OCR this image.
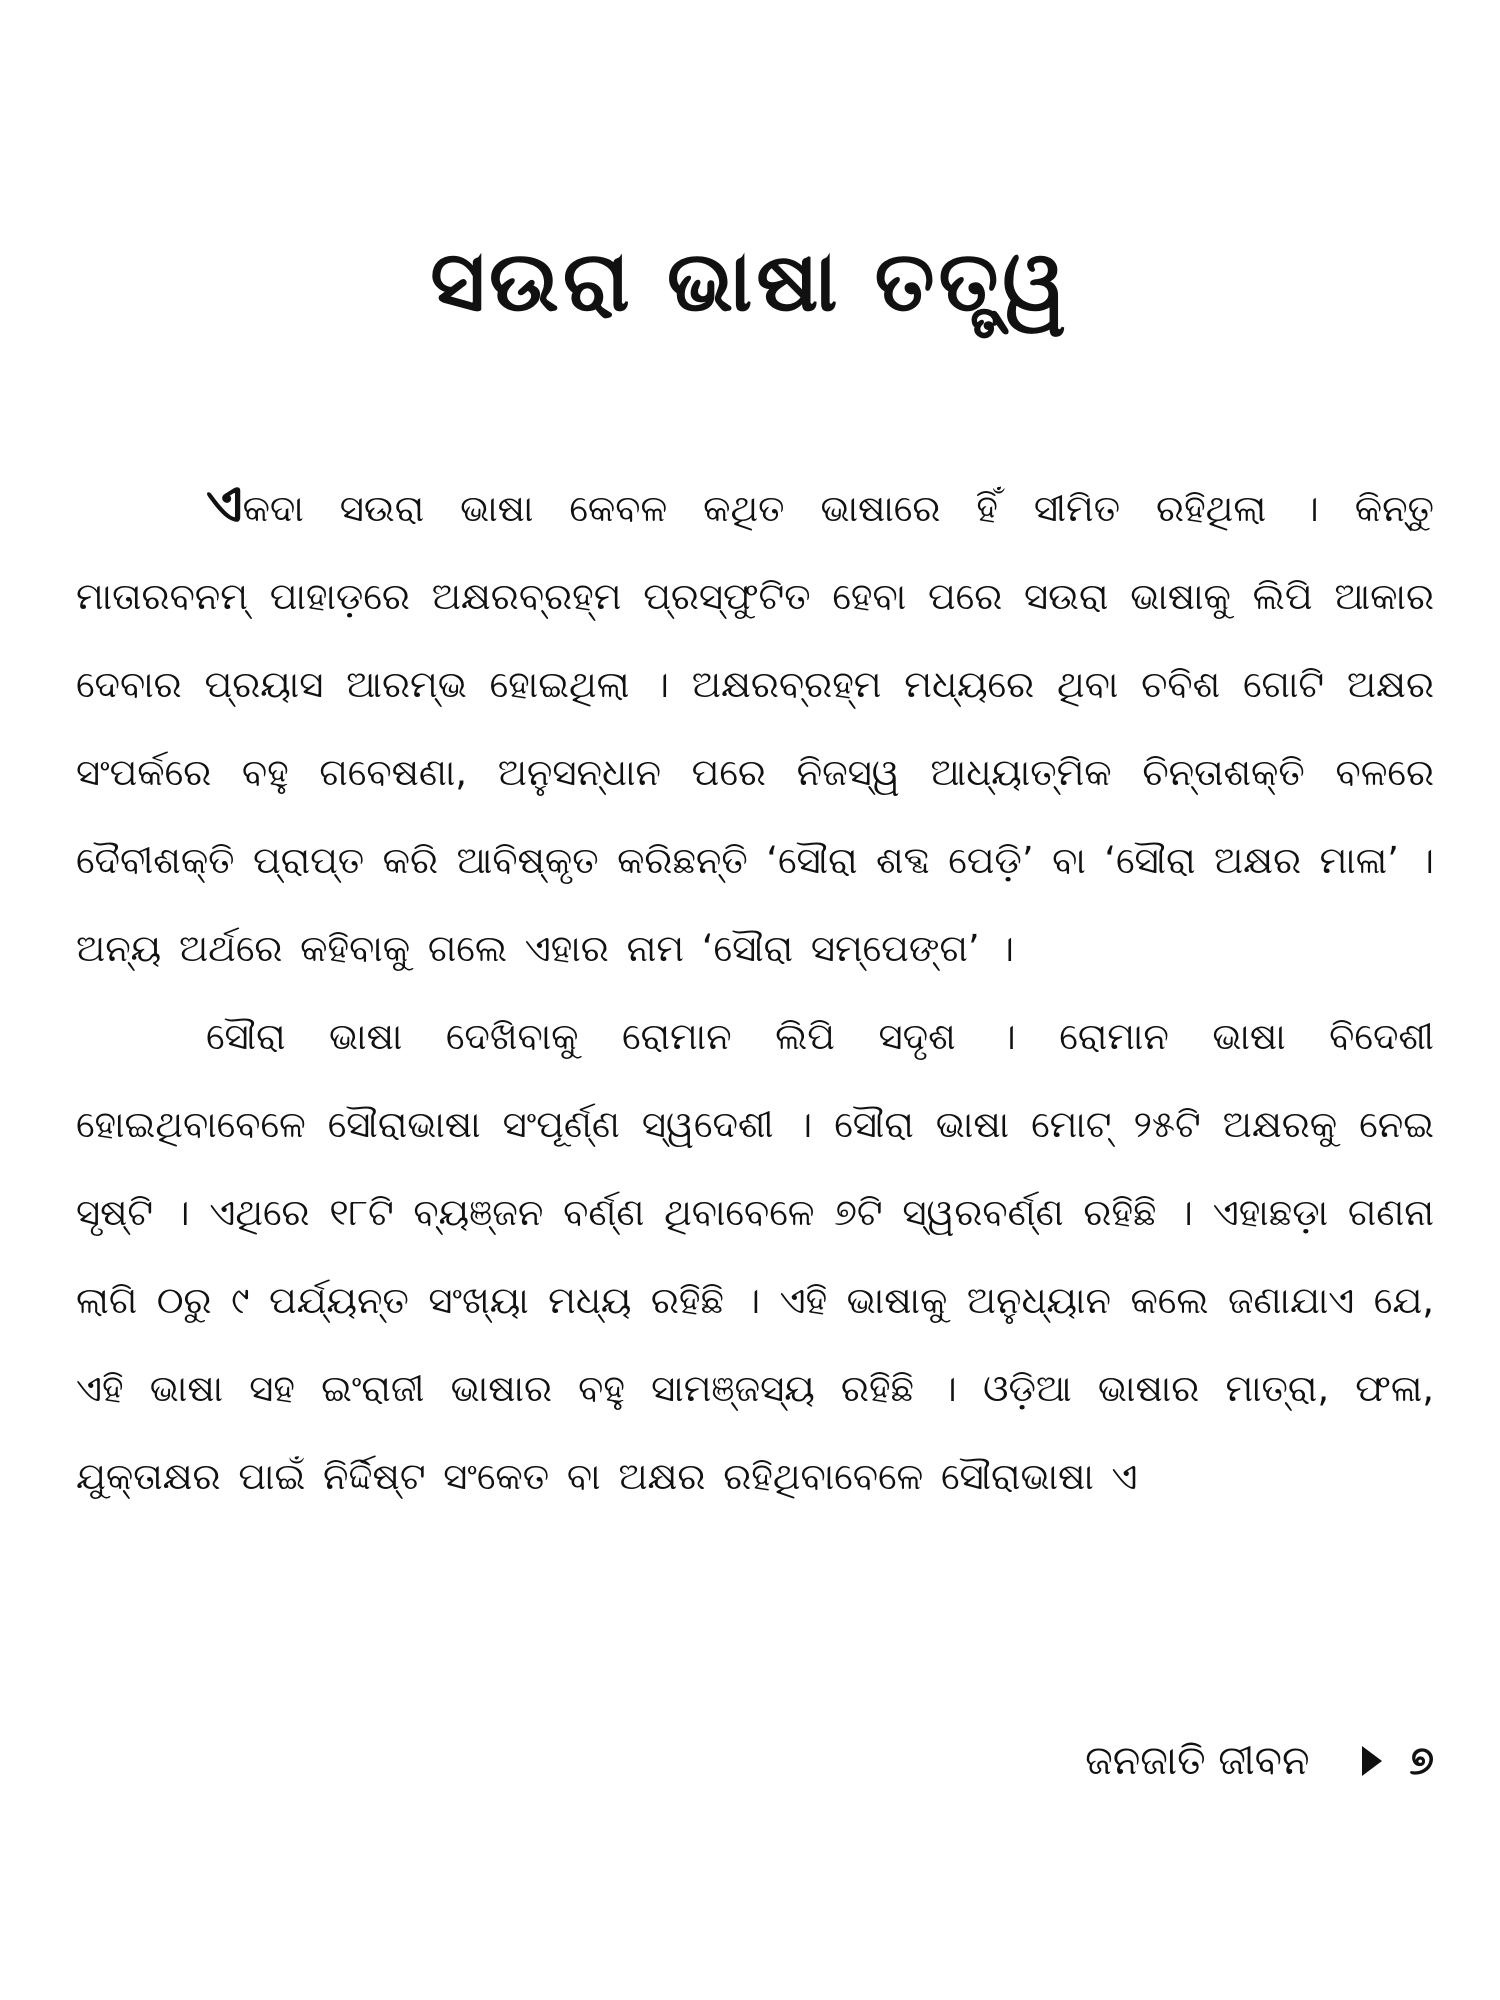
ସଉରା ଭାଷା ତତ୍ତ୍ୱ

ଏକଦା ସଉରା ଭାଷା କେବଳ କଥିତ ଭାଷାରେ ହିଁ ସୀମିତ ରହିଥିଲା । କିନ୍ତୁ ମାତାରବନମ୍ ପାହାଡ଼ରେ ଅକ୍ଷରବ୍ରହ୍ମ ପ୍ରସ୍ଫୁଟିତ ହେବା ପରେ ସଉରା ଭାଷାକୁ ଲିପି ଆକାର ଦେବାର ପ୍ରୟାସ ଆରମ୍ଭ ହୋଇଥିଲା । ଅକ୍ଷରବ୍ରହ୍ମ ମଧ୍ୟରେ ଥିବା ଚବିଶ ଗୋଟି ଅକ୍ଷର ସଂପର୍କରେ ବହୁ ଗବେଷଣା, ଅନୁସନ୍ଧାନ ପରେ ନିଜସ୍ୱ ଆଧ୍ୟାତ୍ମିକ ଚିନ୍ତାଶକ୍ତି ବଳରେ ଦୈବୀଶକ୍ତି ପ୍ରାପ୍ତ କରି ଆବିଷ୍କୃତ କରିଛନ୍ତି ‘ସୌରା ଶବ୍ଦ ପେଡ଼ି’ ବା ‘ସୌରା ଅକ୍ଷର ମାଳା’ । ଅନ୍ୟ ଅର୍ଥରେ କହିବାକୁ ଗଲେ ଏହାର ନାମ ‘ସୌରା ସମ୍ପେଙ୍ଗ’ ।

ସୌରା ଭାଷା ଦେଖିବାକୁ ରୋମାନ ଲିପି ସଦୃଶ । ରୋମାନ ଭାଷା ବିଦେଶୀ ହୋଇଥିବାବେଳେ ସୌରାଭାଷା ସଂପୂର୍ଣ୍ଣ ସ୍ୱଦେଶୀ । ସୌରା ଭାଷା ମୋଟ୍ ୨୫ଟି ଅକ୍ଷରକୁ ନେଇ ସୃଷ୍ଟି । ଏଥିରେ ୧୮ଟି ବ୍ୟଞ୍ଜନ ବର୍ଣ୍ଣ ଥିବାବେଳେ ୭ଟି ସ୍ୱରବର୍ଣ୍ଣ ରହିଛି । ଏହାଛଡ଼ା ଗଣନା ଲାଗି ୦ରୁ ୯ ପର୍ଯ୍ୟନ୍ତ ସଂଖ୍ୟା ମଧ୍ୟ ରହିଛି । ଏହି ଭାଷାକୁ ଅନୁଧ୍ୟାନ କଲେ ଜଣାଯାଏ ଯେ, ଏହି ଭାଷା ସହ ଇଂରାଜୀ ଭାଷାର ବହୁ ସାମଞ୍ଜସ୍ୟ ରହିଛି । ଓଡ଼ିଆ ଭାଷାର ମାତ୍ରା, ଫଳା, ଯୁକ୍ତାକ୍ଷର ପାଇଁ ନିର୍ଦ୍ଦିଷ୍ଟ ସଂକେତ ବା ଅକ୍ଷର ରହିଥିବାବେଳେ ସୌରାଭାଷା ଏ

ଜନଜାତି ଜୀବନ	୭
